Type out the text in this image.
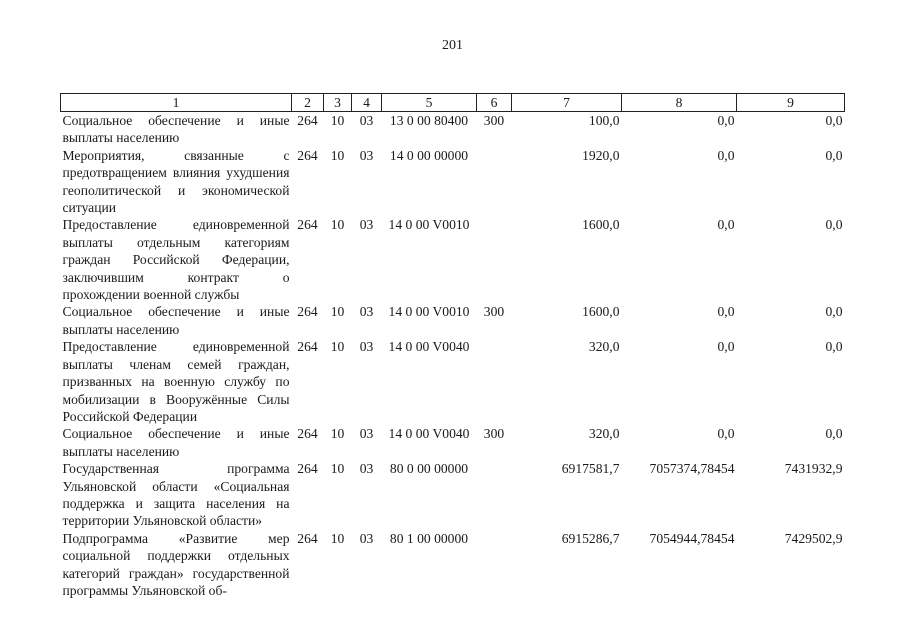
201
1	2	3	4	5	6	7	8	9
Социальное обеспечение и иные выплаты населению	264	10	03	13 0 00 80400	300	100,0	0,0	0,0
Мероприятия, связанные с предотвращением влияния ухудшения геополитической и экономической ситуации	264	10	03	14 0 00 00000		1920,0	0,0	0,0
Предоставление единовременной выплаты отдельным категориям граждан Российской Федерации, заключившим контракт о прохождении военной службы	264	10	03	14 0 00 V0010		1600,0	0,0	0,0
Социальное обеспечение и иные выплаты населению	264	10	03	14 0 00 V0010	300	1600,0	0,0	0,0
Предоставление единовременной выплаты членам семей граждан, призванных на военную службу по мобилизации в Вооружённые Силы Российской Федерации	264	10	03	14 0 00 V0040		320,0	0,0	0,0
Социальное обеспечение и иные выплаты населению	264	10	03	14 0 00 V0040	300	320,0	0,0	0,0
Государственная программа Ульяновской области «Социальная поддержка и защита населения на территории Ульяновской области»	264	10	03	80 0 00 00000		6917581,7	7057374,78454	7431932,9
Подпрограмма «Развитие мер социальной поддержки отдельных категорий граждан» государственной программы Ульяновской об-	264	10	03	80 1 00 00000		6915286,7	7054944,78454	7429502,9
